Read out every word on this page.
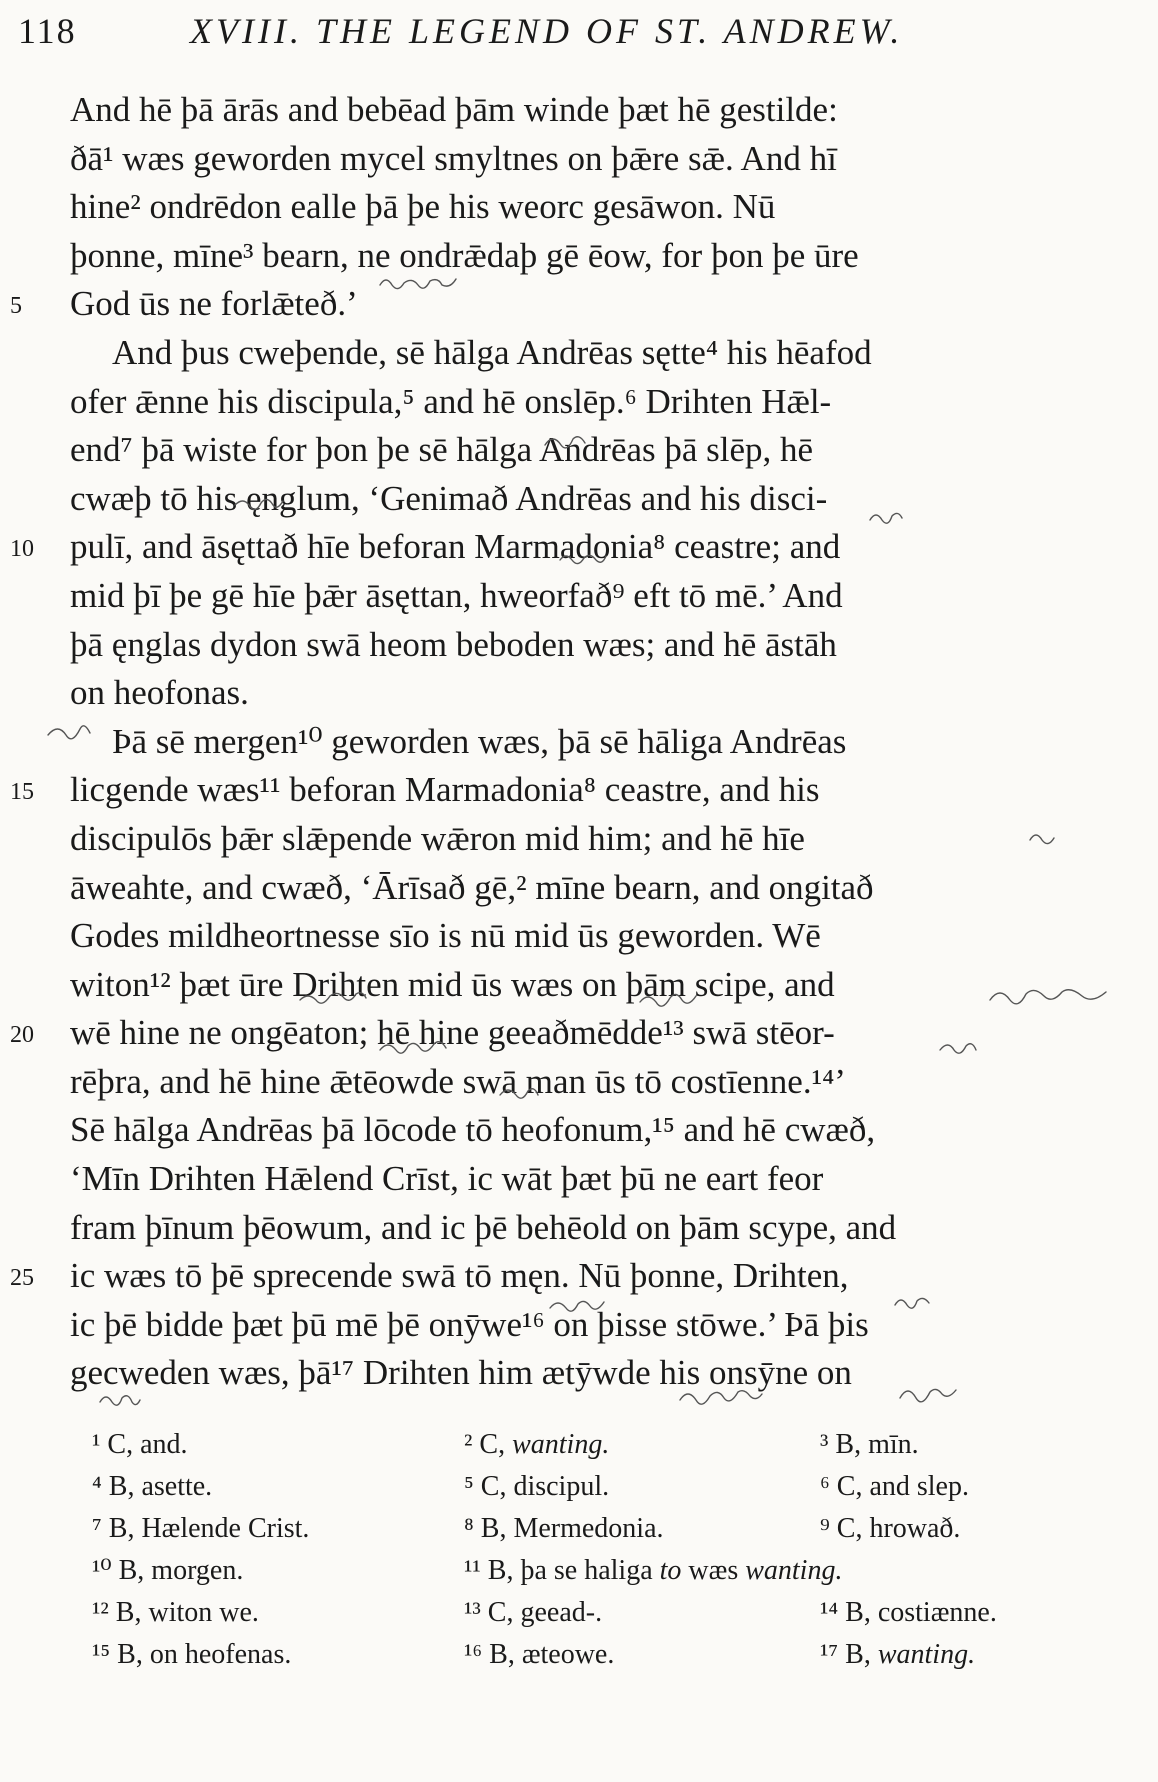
118	XVIII. THE LEGEND OF ST. ANDREW.
And hē þā ārās and bebēad þām winde þæt hē gestilde:
ðā¹ wæs geworden mycel smyltnes on þǣre sǣ. And hī
hine² ondrēdon ealle þā þe his weorc gesāwon. Nū
þonne, mīne³ bearn, ne ondrǣdaþ gē ēow, for þon þe ūre
5	God ūs ne forlǣteð.’
And þus cweþende, sē hālga Andrēas sętte⁴ his hēafod
ofer ǣnne his discipula,⁵ and hē onslēp.⁶ Drihten Hǣl-
end⁷ þā wiste for þon þe sē hālga Andrēas þā slēp, hē
cwæþ tō his ęnglum, ‘Genimað Andrēas and his disci-
10	pulī, and āsęttað hīe beforan Marmadonia⁸ ceastre; and
mid þī þe gē hīe þǣr āsęttan, hweorfað⁹ eft tō mē.’ And
þā ęnglas dydon swā heom beboden wæs; and hē āstāh
on heofonas.
Þā sē mergen¹⁰ geworden wæs, þā sē hāliga Andrēas
15	licgende wæs¹¹ beforan Marmadonia⁸ ceastre, and his
discipulōs þǣr slǣpende wǣron mid him; and hē hīe
āweahte, and cwæð, ‘Ārīsað gē,² mīne bearn, and ongitað
Godes mildheortnesse sīo is nū mid ūs geworden. Wē
witon¹² þæt ūre Drihten mid ūs wæs on þām scipe, and
20	wē hine ne ongēaton; hē hine geeaðmēdde¹³ swā stēor-
rēþra, and hē hine ǣtēowde swā man ūs tō costīenne.¹⁴’
Sē hālga Andrēas þā lōcode tō heofonum,¹⁵ and hē cwæð,
‘Mīn Drihten Hǣlend Crīst, ic wāt þæt þū ne eart feor
fram þīnum þēowum, and ic þē behēold on þām scype, and
25	ic wæs tō þē sprecende swā tō męn. Nū þonne, Drihten,
ic þē bidde þæt þū mē þē onȳwe¹⁶ on þisse stōwe.’ Þā þis
gecweden wæs, þā¹⁷ Drihten him ætȳwde his onsȳne on
¹ C, and.	² C, wanting.	³ B, mīn.
⁴ B, asette.	⁵ C, discipul.	⁶ C, and slep.
⁷ B, Hælende Crist.	⁸ B, Mermedonia.	⁹ C, hrowað.
¹⁰ B, morgen.	¹¹ B, þa se haliga to wæs wanting.
¹² B, witon we.	¹³ C, geead-.	¹⁴ B, costiænne.
¹⁵ B, on heofenas.	¹⁶ B, æteowe.	¹⁷ B, wanting.
